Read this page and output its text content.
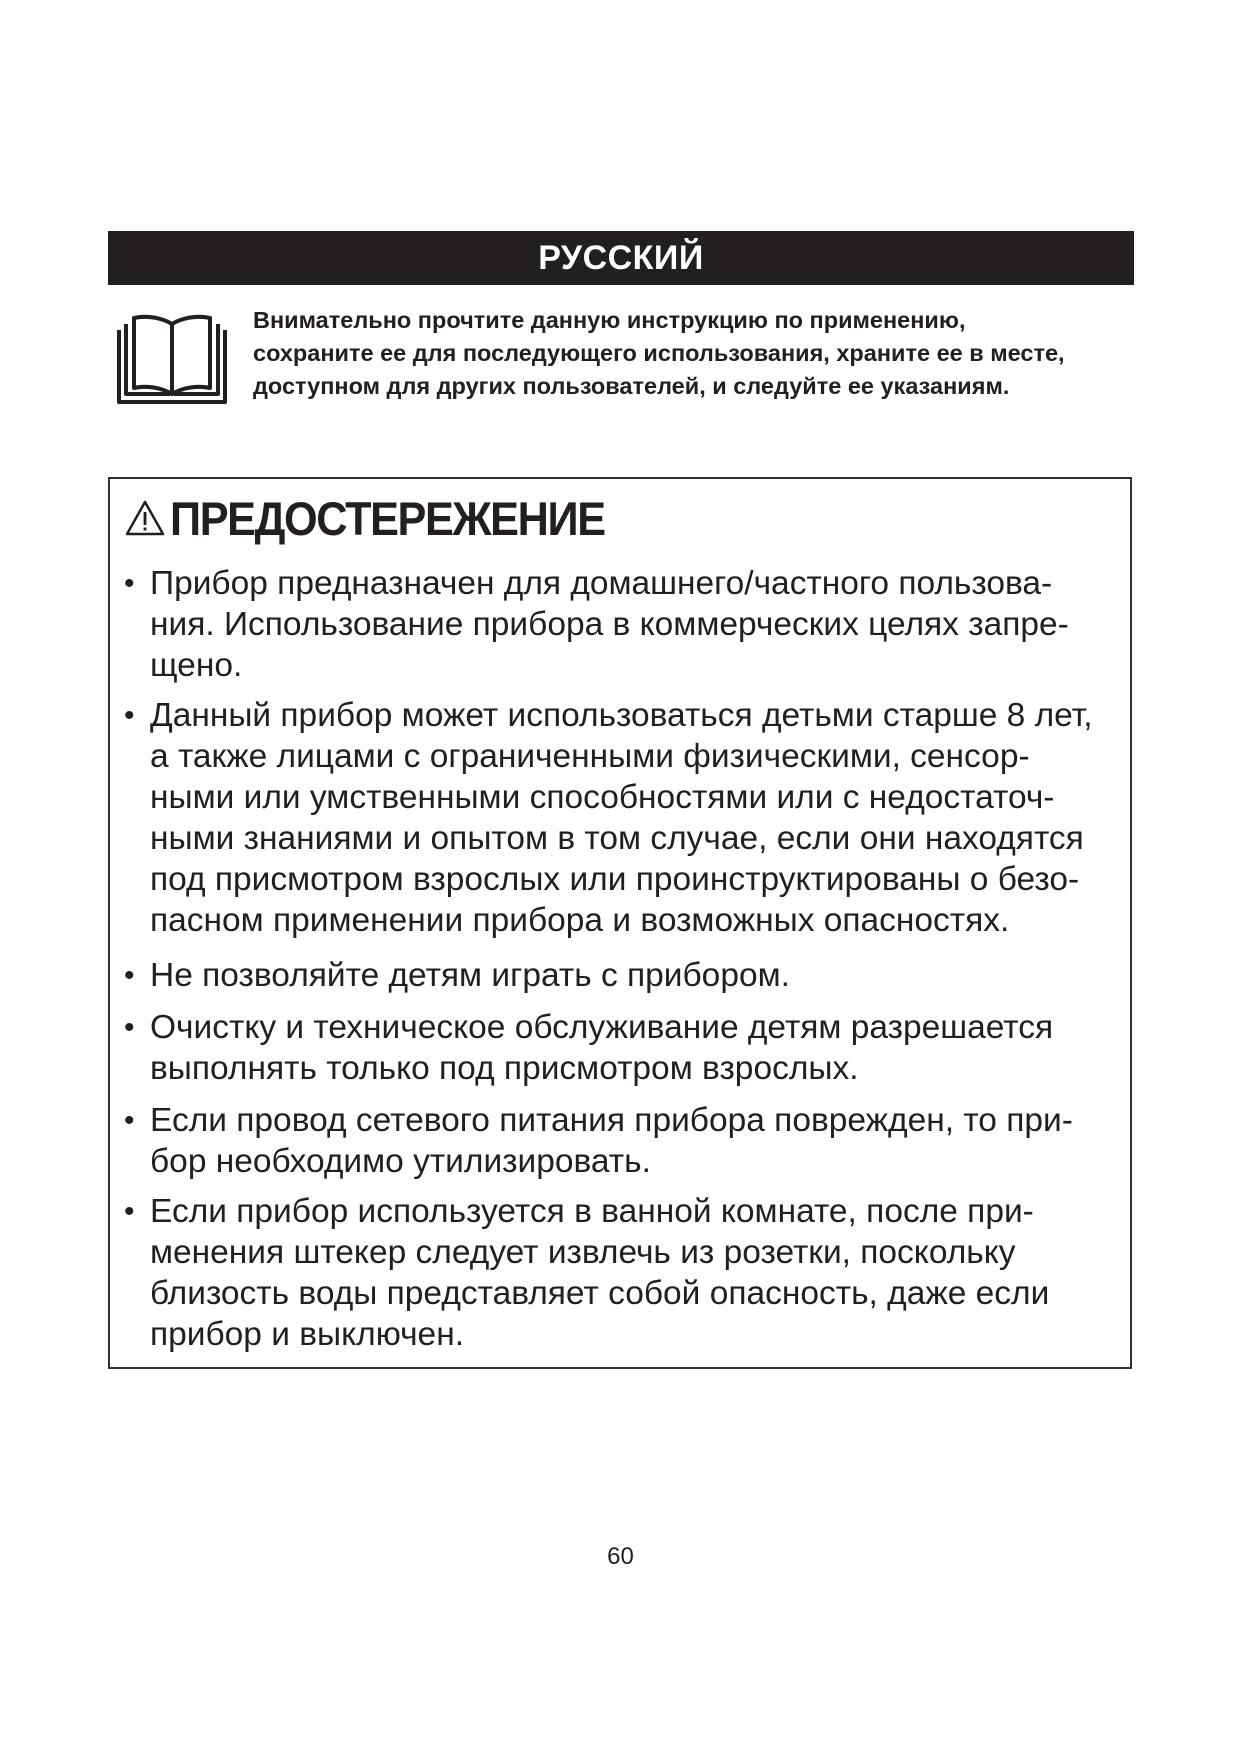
РУССКИЙ
Внимательно прочтите данную инструкцию по применению,
сохраните ее для последующего использования, храните ее в месте,
доступном для других пользователей, и следуйте ее указаниям.
ПРЕДОСТЕРЕЖЕНИЕ
• Прибор предназначен для домашнего/частного пользова-
ния. Использование прибора в коммерческих целях запре-
щено.
• Данный прибор может использоваться детьми старше 8 лет,
а также лицами с ограниченными физическими, сенсор-
ными или умственными способностями или с недостаточ-
ными знаниями и опытом в том случае, если они находятся
под присмотром взрослых или проинструктированы о безо-
пасном применении прибора и возможных опасностях.
• Не позволяйте детям играть с прибором.
• Очистку и техническое обслуживание детям разрешается
выполнять только под присмотром взрослых.
• Если провод сетевого питания прибора поврежден, то при-
бор необходимо утилизировать.
• Если прибор используется в ванной комнате, после при-
менения штекер следует извлечь из розетки, поскольку
близость воды представляет собой опасность, даже если
прибор и выключен.
60
